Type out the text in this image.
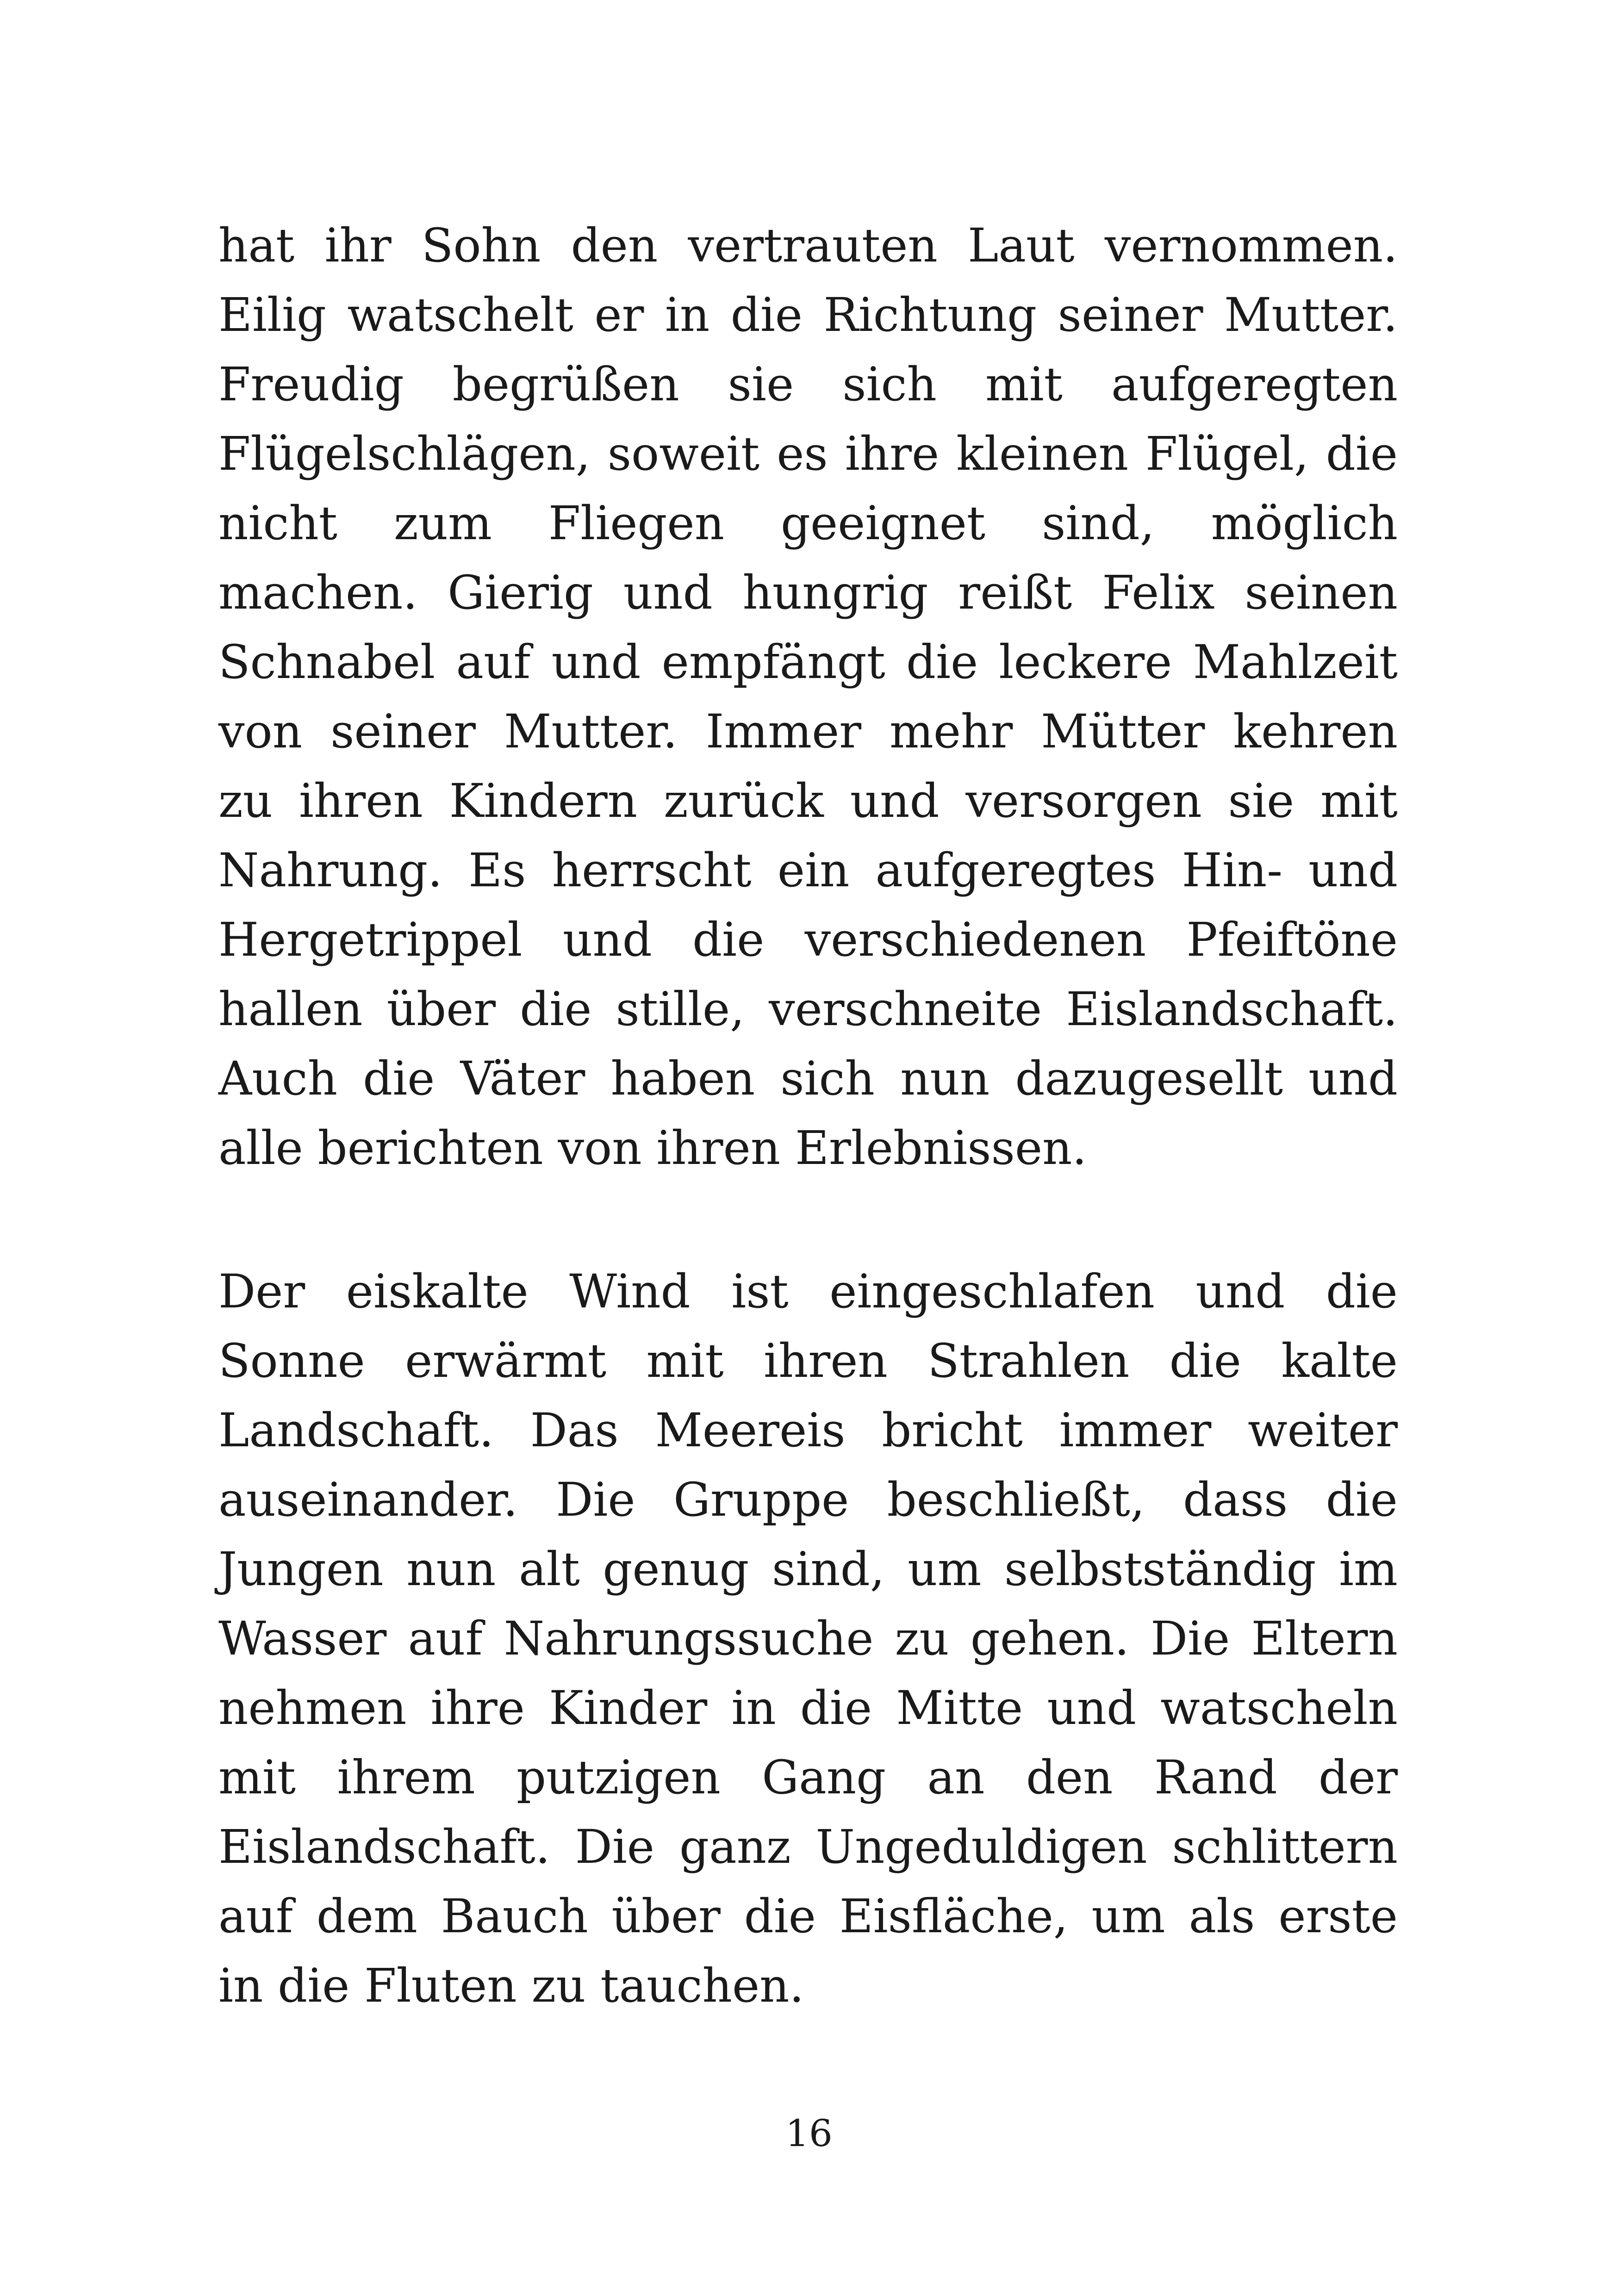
hat ihr Sohn den vertrauten Laut vernommen.
Eilig watschelt er in die Richtung seiner Mutter.
Freudig begrüßen sie sich mit aufgeregten
Flügelschlägen, soweit es ihre kleinen Flügel, die
nicht zum Fliegen geeignet sind, möglich
machen. Gierig und hungrig reißt Felix seinen
Schnabel auf und empfängt die leckere Mahlzeit
von seiner Mutter. Immer mehr Mütter kehren
zu ihren Kindern zurück und versorgen sie mit
Nahrung. Es herrscht ein aufgeregtes Hin- und
Hergetrippel und die verschiedenen Pfeiftöne
hallen über die stille, verschneite Eislandschaft.
Auch die Väter haben sich nun dazugesellt und
alle berichten von ihren Erlebnissen.
Der eiskalte Wind ist eingeschlafen und die
Sonne erwärmt mit ihren Strahlen die kalte
Landschaft. Das Meereis bricht immer weiter
auseinander. Die Gruppe beschließt, dass die
Jungen nun alt genug sind, um selbstständig im
Wasser auf Nahrungssuche zu gehen. Die Eltern
nehmen ihre Kinder in die Mitte und watscheln
mit ihrem putzigen Gang an den Rand der
Eislandschaft. Die ganz Ungeduldigen schlittern
auf dem Bauch über die Eisfläche, um als erste
in die Fluten zu tauchen.
16
